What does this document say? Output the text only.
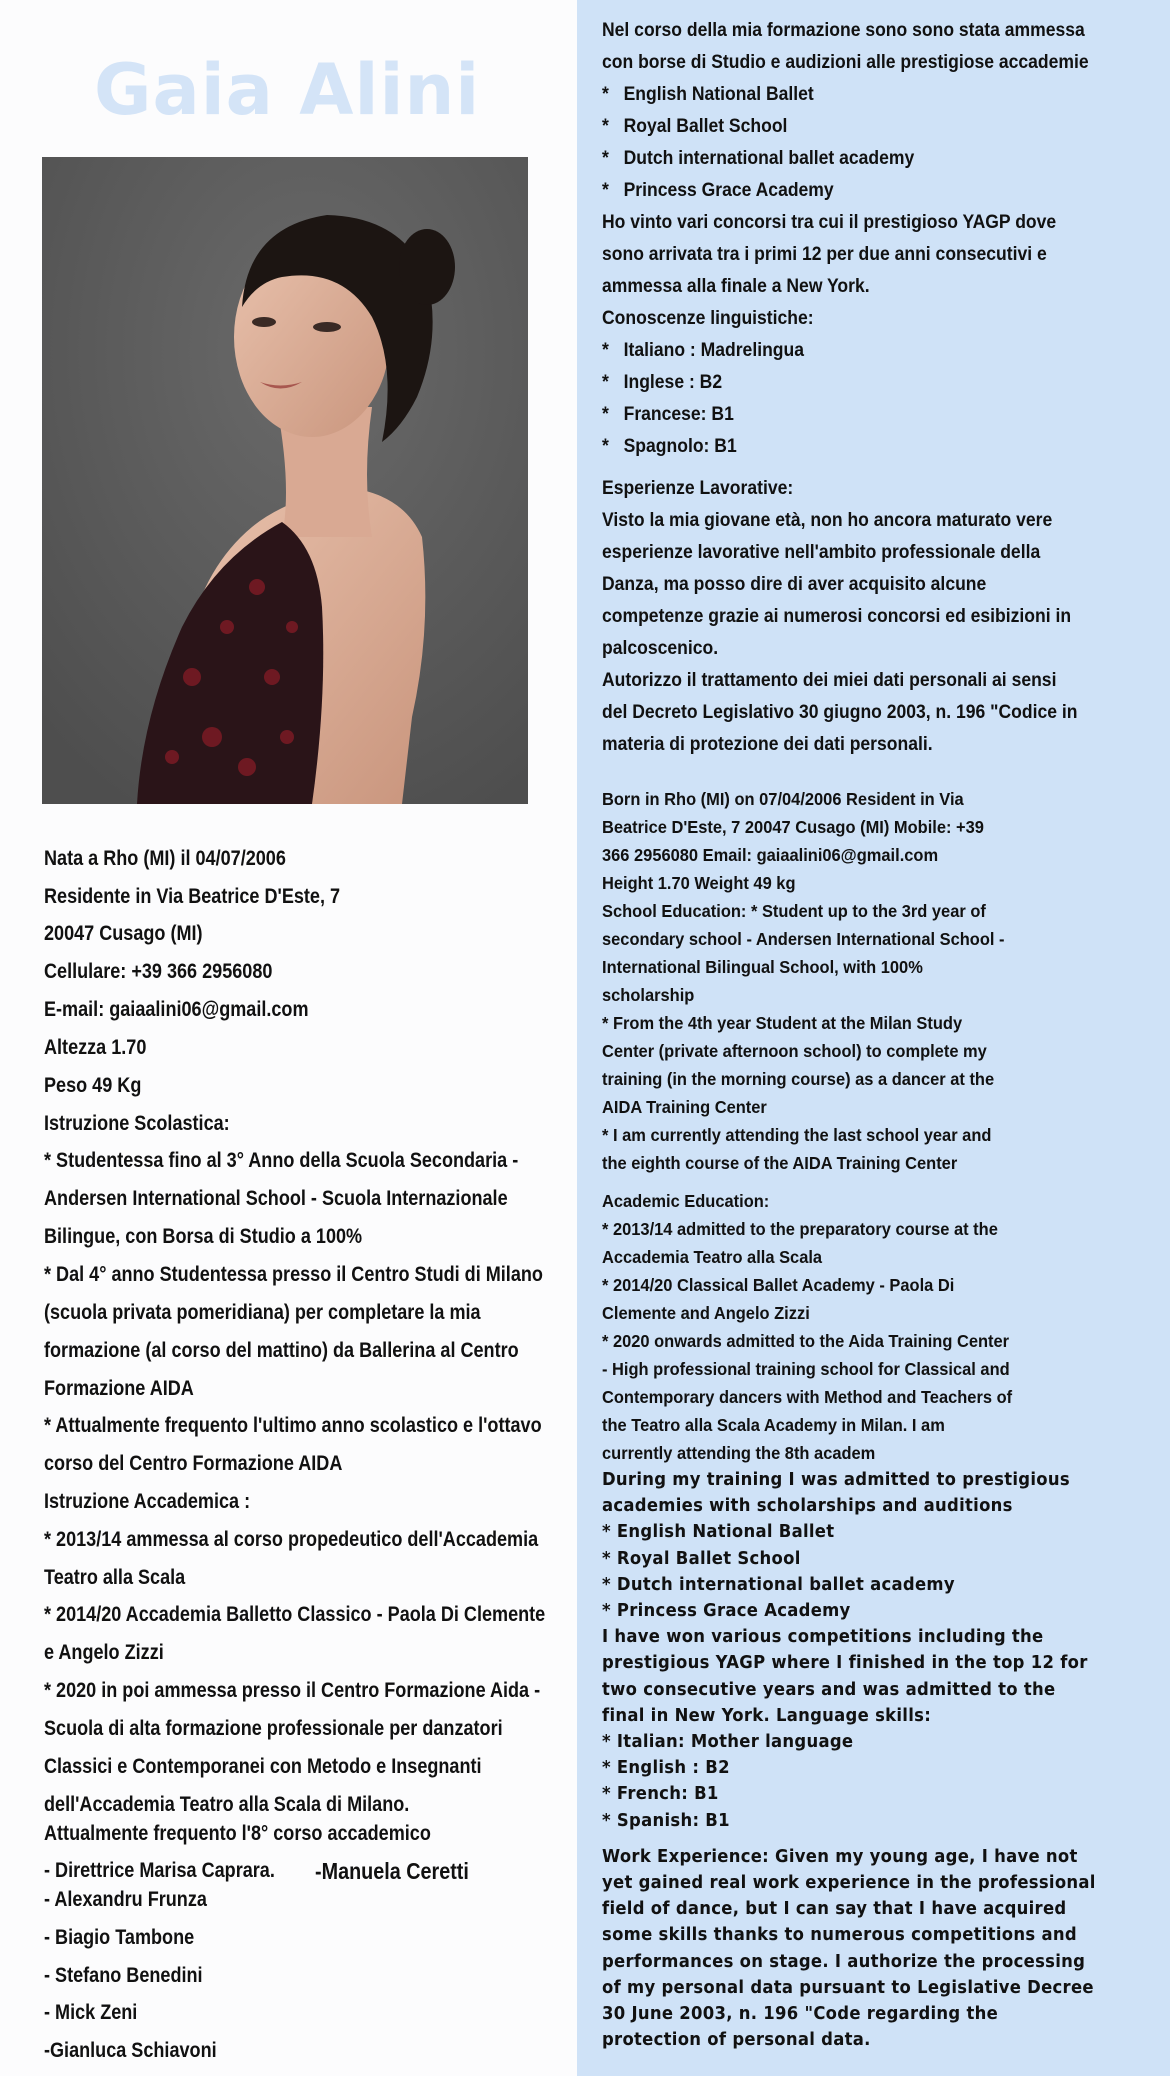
Gaia Alini
Nata a Rho (MI) il 04/07/2006
Residente in Via Beatrice D'Este, 7
20047 Cusago (MI)
Cellulare: +39 366 2956080
E-mail: gaiaalini06@gmail.com
Altezza 1.70
Peso 49 Kg
Istruzione Scolastica:
* Studentessa fino al 3° Anno della Scuola Secondaria -
Andersen International School - Scuola Internazionale
Bilingue, con Borsa di Studio a 100%
* Dal 4° anno Studentessa presso il Centro Studi di Milano
(scuola privata pomeridiana) per completare la mia
formazione (al corso del mattino) da Ballerina al Centro
Formazione AIDA
* Attualmente frequento l'ultimo anno scolastico e l'ottavo
corso del Centro Formazione AIDA
Istruzione Accademica :
* 2013/14 ammessa al corso propedeutico dell'Accademia
Teatro alla Scala
* 2014/20 Accademia Balletto Classico - Paola Di Clemente
e Angelo Zizzi
* 2020 in poi ammessa presso il Centro Formazione Aida -
Scuola di alta formazione professionale per danzatori
Classici e Contemporanei con Metodo e Insegnanti
dell'Accademia Teatro alla Scala di Milano.
Attualmente frequento l'8° corso accademico
- Direttrice Marisa Caprara.	-Manuela Ceretti
- Alexandru Frunza
- Biagio Tambone
- Stefano Benedini
- Mick Zeni
-Gianluca Schiavoni
Nel corso della mia formazione sono sono stata ammessa
con borse di Studio e audizioni alle prestigiose accademie
* English National Ballet
* Royal Ballet School
* Dutch international ballet academy
* Princess Grace Academy
Ho vinto vari concorsi tra cui il prestigioso YAGP dove
sono arrivata tra i primi 12 per due anni consecutivi e
ammessa alla finale a New York.
Conoscenze linguistiche:
* Italiano : Madrelingua
* Inglese : B2
* Francese: B1
* Spagnolo: B1
Esperienze Lavorative:
Visto la mia giovane età, non ho ancora maturato vere
esperienze lavorative nell'ambito professionale della
Danza, ma posso dire di aver acquisito alcune
competenze grazie ai numerosi concorsi ed esibizioni in
palcoscenico.
Autorizzo il trattamento dei miei dati personali ai sensi
del Decreto Legislativo 30 giugno 2003, n. 196 "Codice in
materia di protezione dei dati personali.
Born in Rho (MI) on 07/04/2006 Resident in Via
Beatrice D'Este, 7 20047 Cusago (MI) Mobile: +39
366 2956080 Email: gaiaalini06@gmail.com
Height 1.70 Weight 49 kg
School Education: * Student up to the 3rd year of
secondary school - Andersen International School -
International Bilingual School, with 100%
scholarship
* From the 4th year Student at the Milan Study
Center (private afternoon school) to complete my
training (in the morning course) as a dancer at the
AIDA Training Center
* I am currently attending the last school year and
the eighth course of the AIDA Training Center
Academic Education:
* 2013/14 admitted to the preparatory course at the
Accademia Teatro alla Scala
* 2014/20 Classical Ballet Academy - Paola Di
Clemente and Angelo Zizzi
* 2020 onwards admitted to the Aida Training Center
- High professional training school for Classical and
Contemporary dancers with Method and Teachers of
the Teatro alla Scala Academy in Milan. I am
currently attending the 8th academ
During my training I was admitted to prestigious
academies with scholarships and auditions
* English National Ballet
* Royal Ballet School
* Dutch international ballet academy
* Princess Grace Academy
I have won various competitions including the
prestigious YAGP where I finished in the top 12 for
two consecutive years and was admitted to the
final in New York. Language skills:
* Italian: Mother language
* English : B2
* French: B1
* Spanish: B1
Work Experience: Given my young age, I have not
yet gained real work experience in the professional
field of dance, but I can say that I have acquired
some skills thanks to numerous competitions and
performances on stage. I authorize the processing
of my personal data pursuant to Legislative Decree
30 June 2003, n. 196 "Code regarding the
protection of personal data.
